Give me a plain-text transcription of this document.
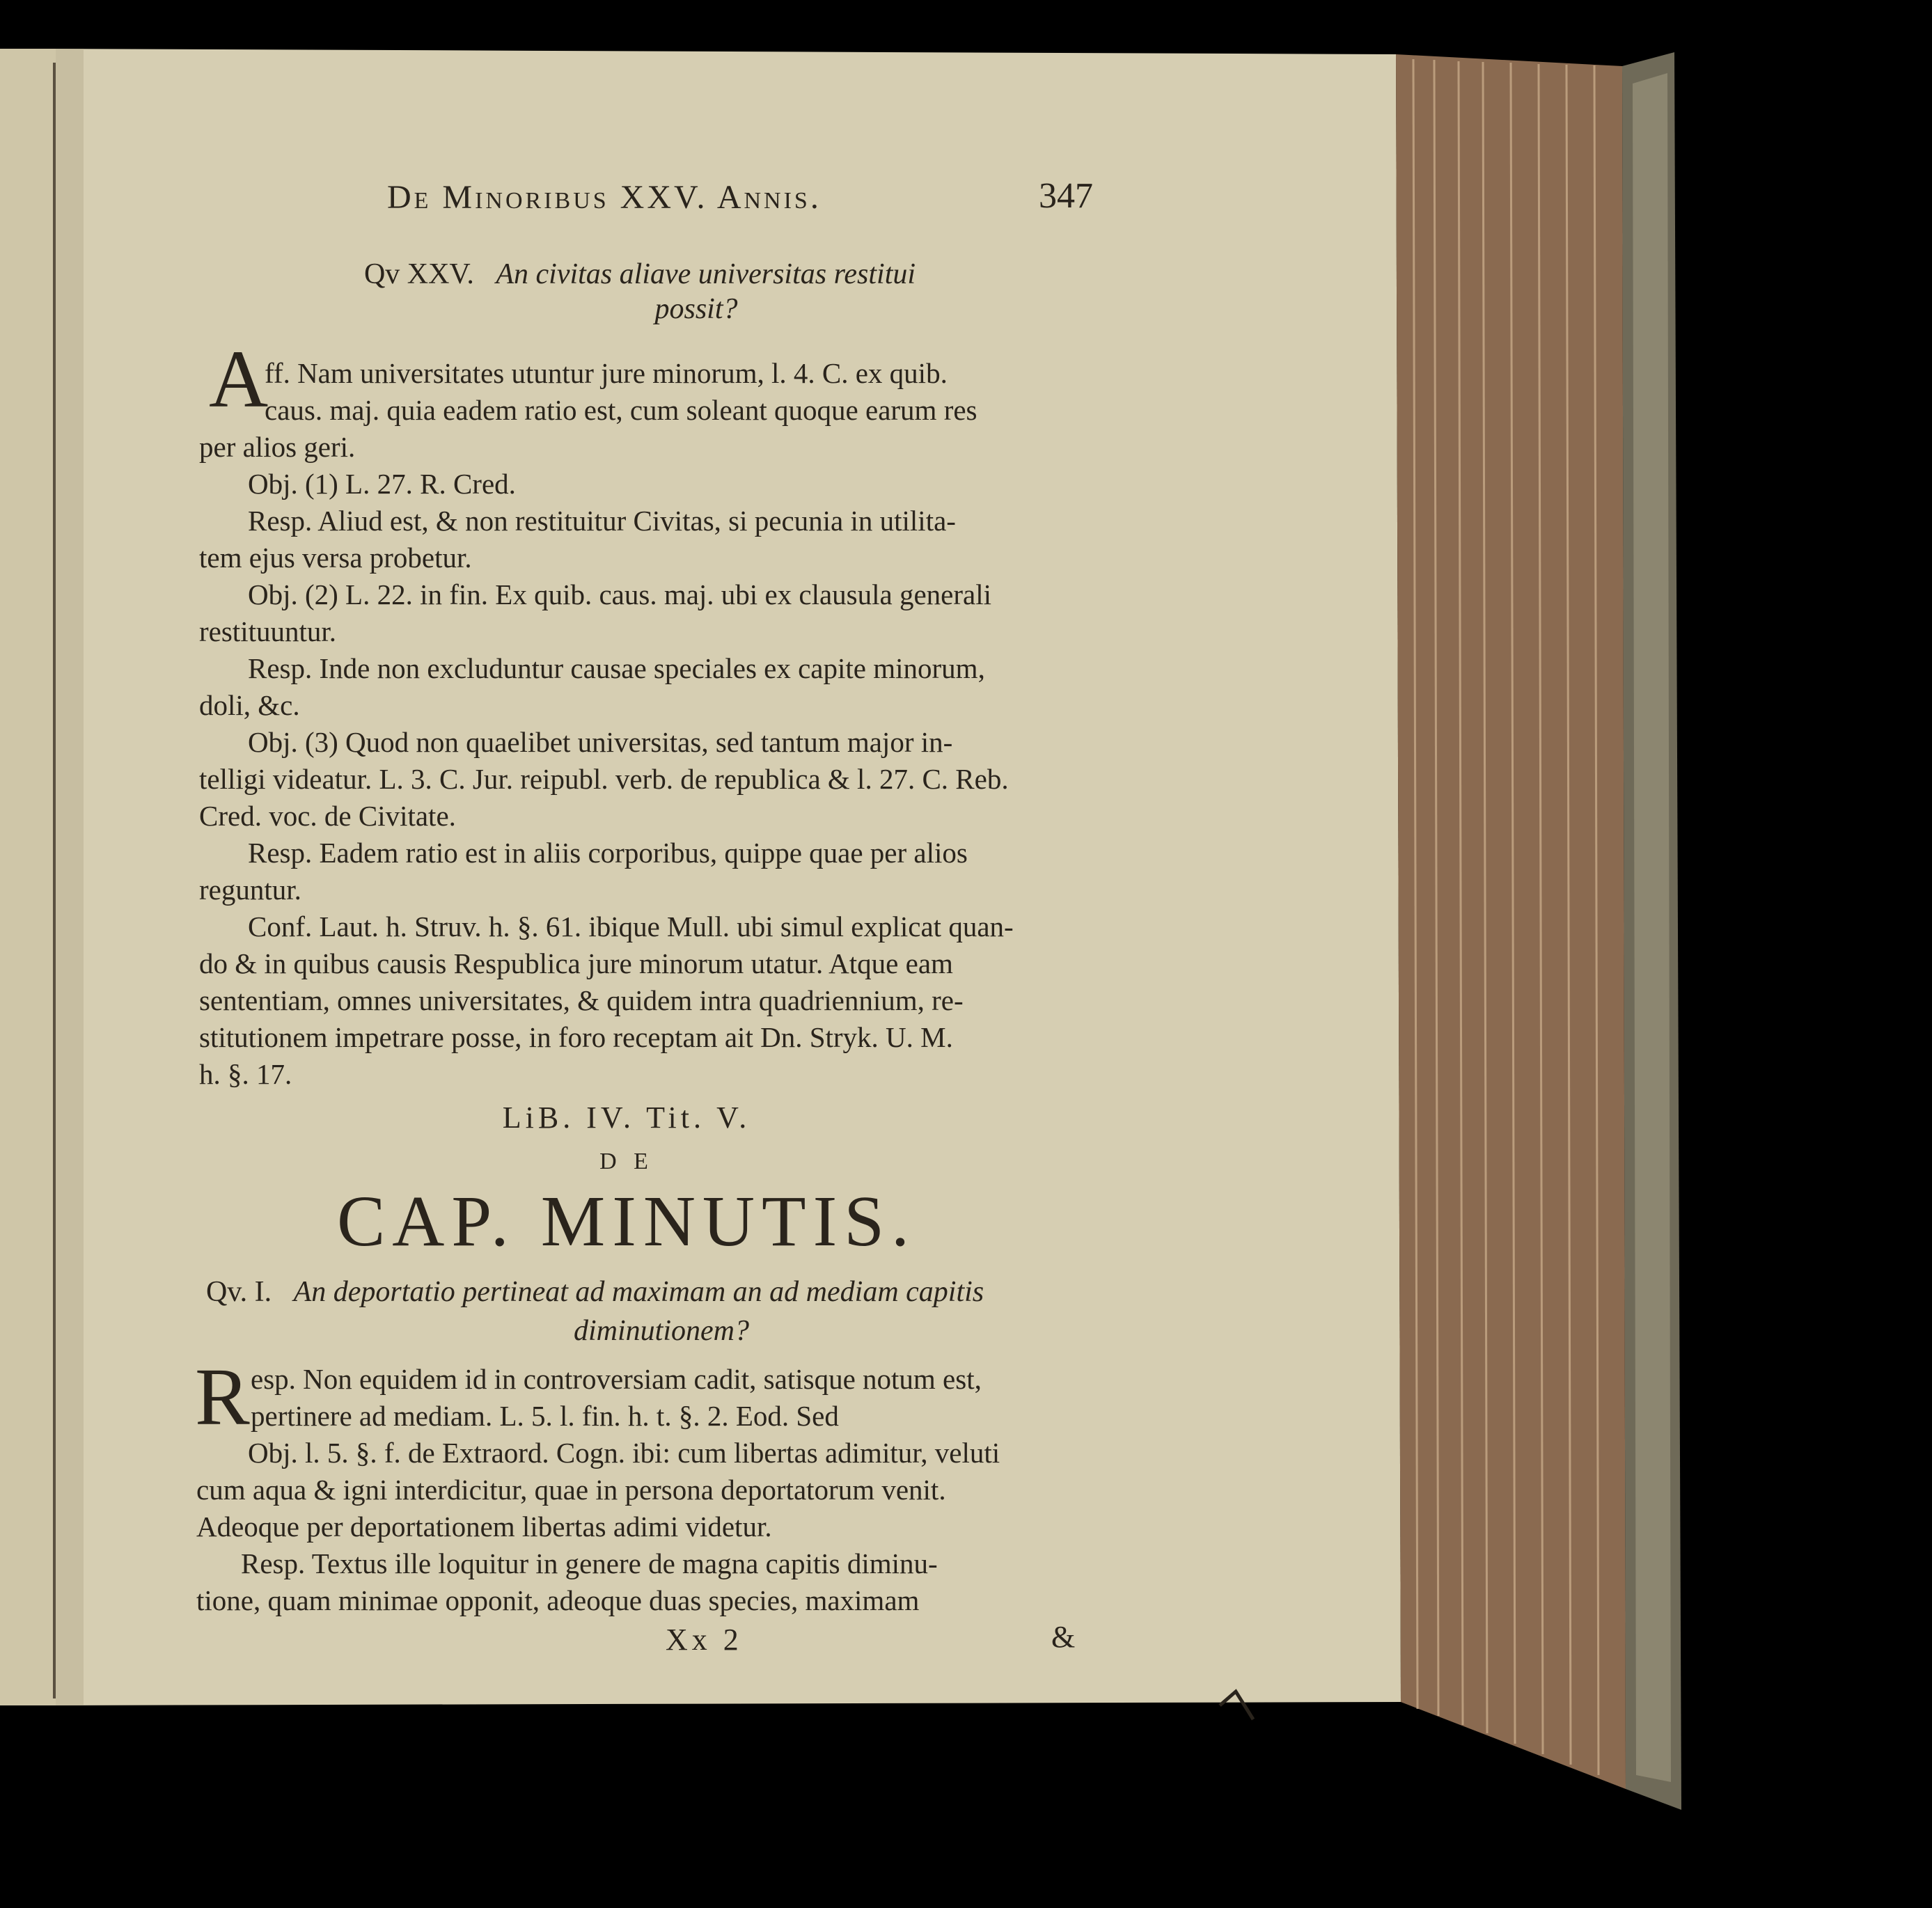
De Minoribus XXV. Annis.	347
Qv XXV. An civitas aliave universitas restitui
possit?
A
ff. Nam universitates utuntur jure minorum, l. 4. C. ex quib.
caus. maj. quia eadem ratio est, cum soleant quoque earum res
per alios geri.
Obj. (1) L. 27. R. Cred.
Resp. Aliud est, & non restituitur Civitas, si pecunia in utilita-
tem ejus versa probetur.
Obj. (2) L. 22. in fin. Ex quib. caus. maj. ubi ex clausula generali
restituuntur.
Resp. Inde non excluduntur causae speciales ex capite minorum,
doli, &c.
Obj. (3) Quod non quaelibet universitas, sed tantum major in-
telligi videatur. L. 3. C. Jur. reipubl. verb. de republica & l. 27. C. Reb.
Cred. voc. de Civitate.
Resp. Eadem ratio est in aliis corporibus, quippe quae per alios
reguntur.
Conf. Laut. h. Struv. h. §. 61. ibique Mull. ubi simul explicat quan-
do & in quibus causis Respublica jure minorum utatur. Atque eam
sententiam, omnes universitates, & quidem intra quadriennium, re-
stitutionem impetrare posse, in foro receptam ait Dn. Stryk. U. M.
h. §. 17.
LiB. IV. Tit. V.
D E
CAP. MINUTIS.
Qv. I. An deportatio pertineat ad maximam an ad mediam capitis
diminutionem?
R esp. Non equidem id in controversiam cadit, satisque notum est,
pertinere ad mediam. L. 5. l. fin. h. t. §. 2. Eod. Sed
Obj. l. 5. §. f. de Extraord. Cogn. ibi: cum libertas adimitur, veluti
cum aqua & igni interdicitur, quae in persona deportatorum venit.
Adeoque per deportationem libertas adimi videtur.
Resp. Textus ille loquitur in genere de magna capitis diminu-
tione, quam minimae opponit, adeoque duas species, maximam
Xx 2	&
